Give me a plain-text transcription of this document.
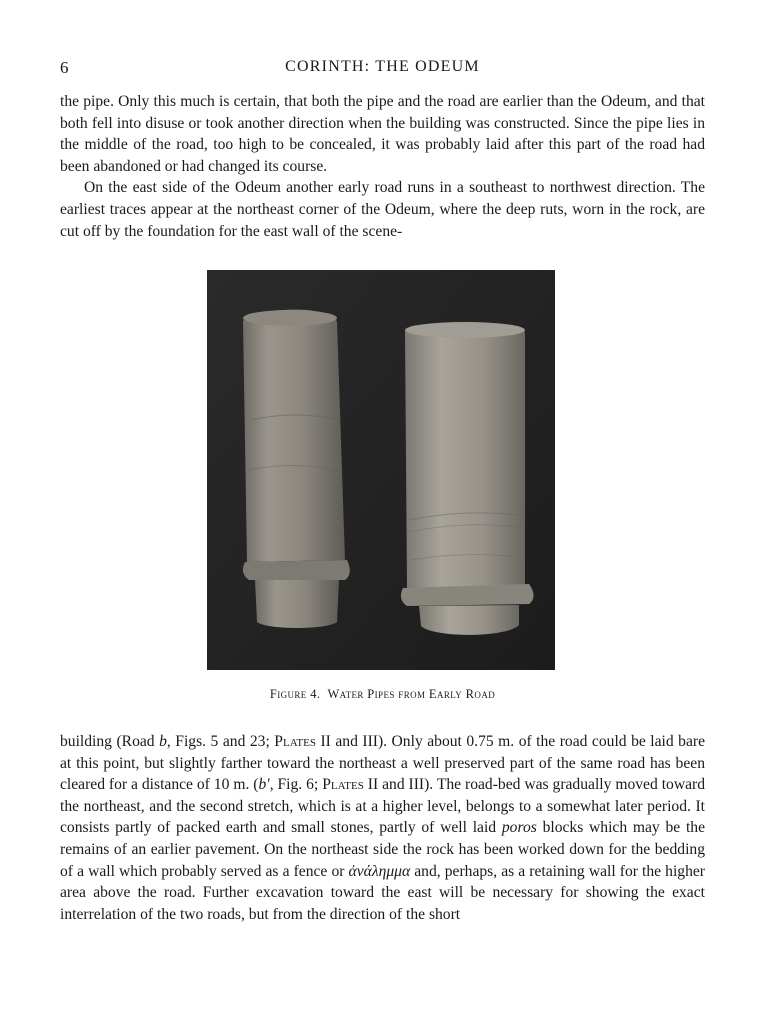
6	CORINTH: THE ODEUM

the pipe. Only this much is certain, that both the pipe and the road are earlier than the Odeum, and that both fell into disuse or took another direction when the building was constructed. Since the pipe lies in the middle of the road, too high to be concealed, it was probably laid after this part of the road had been abandoned or had changed its course.

On the east side of the Odeum another early road runs in a southeast to northwest direction. The earliest traces appear at the northeast corner of the Odeum, where the deep ruts, worn in the rock, are cut off by the foundation for the east wall of the scene-

Figure 4. Water Pipes from Early Road

building (Road b, Figs. 5 and 23; Plates II and III). Only about 0.75 m. of the road could be laid bare at this point, but slightly farther toward the northeast a well preserved part of the same road has been cleared for a distance of 10 m. (b′, Fig. 6; Plates II and III). The road-bed was gradually moved toward the northeast, and the second stretch, which is at a higher level, belongs to a somewhat later period. It consists partly of packed earth and small stones, partly of well laid poros blocks which may be the remains of an earlier pavement. On the northeast side the rock has been worked down for the bedding of a wall which probably served as a fence or ἀνάλημμα and, perhaps, as a retaining wall for the higher area above the road. Further excavation toward the east will be necessary for showing the exact interrelation of the two roads, but from the direction of the short
